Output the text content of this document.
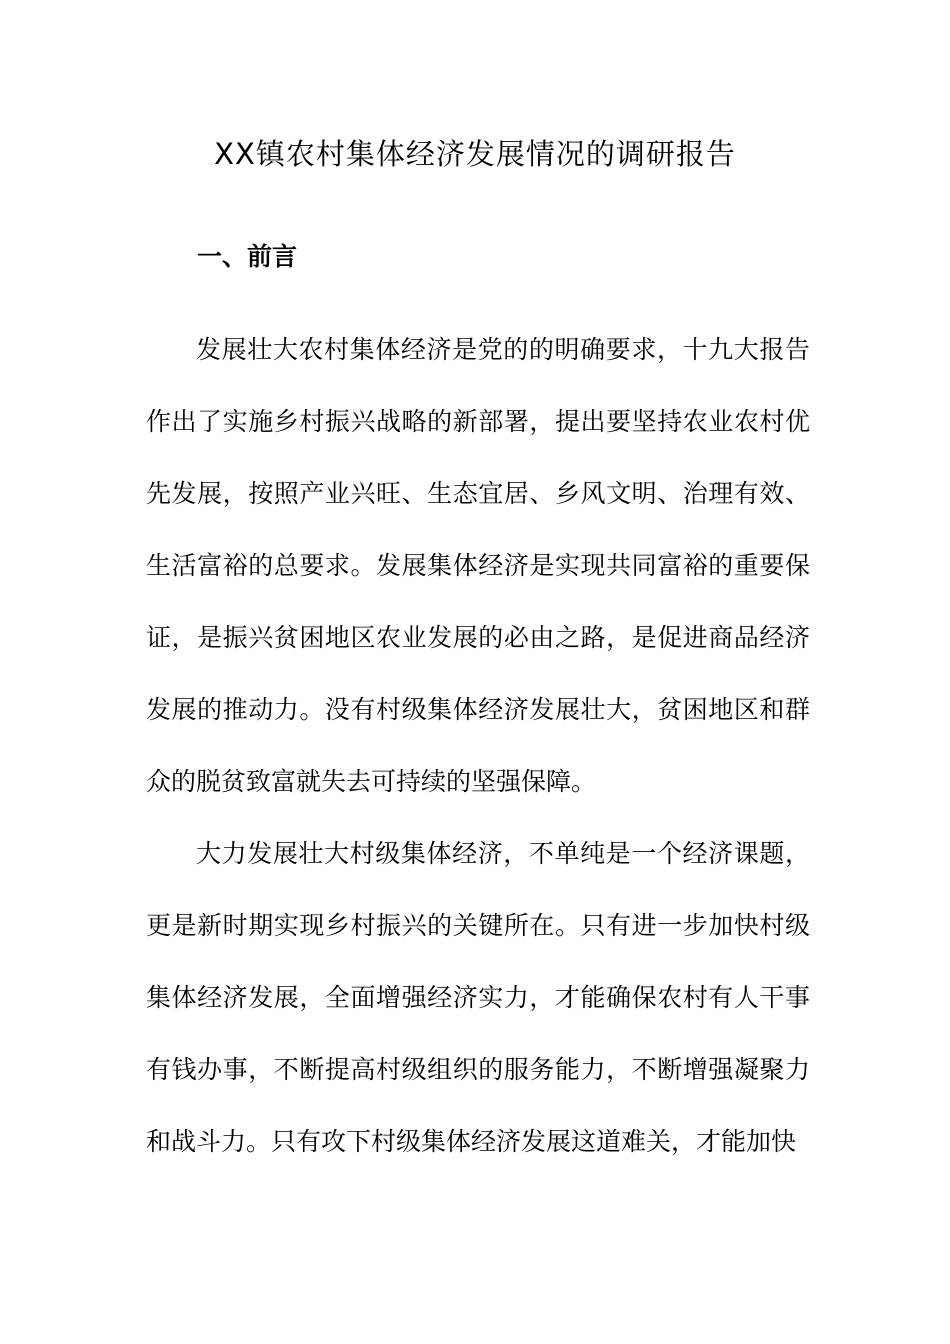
XX镇农村集体经济发展情况的调研报告
一、前言

发展壮大农村集体经济是党的的明确要求，十九大报告作出了实施乡村振兴战略的新部署，提出要坚持农业农村优先发展，按照产业兴旺、生态宜居、乡风文明、治理有效、生活富裕的总要求。发展集体经济是实现共同富裕的重要保证，是振兴贫困地区农业发展的必由之路，是促进商品经济发展的推动力。没有村级集体经济发展壮大，贫困地区和群众的脱贫致富就失去可持续的坚强保障。

大力发展壮大村级集体经济，不单纯是一个经济课题，更是新时期实现乡村振兴的关键所在。只有进一步加快村级集体经济发展，全面增强经济实力，才能确保农村有人干事有钱办事，不断提高村级组织的服务能力，不断增强凝聚力和战斗力。只有攻下村级集体经济发展这道难关，才能加快
